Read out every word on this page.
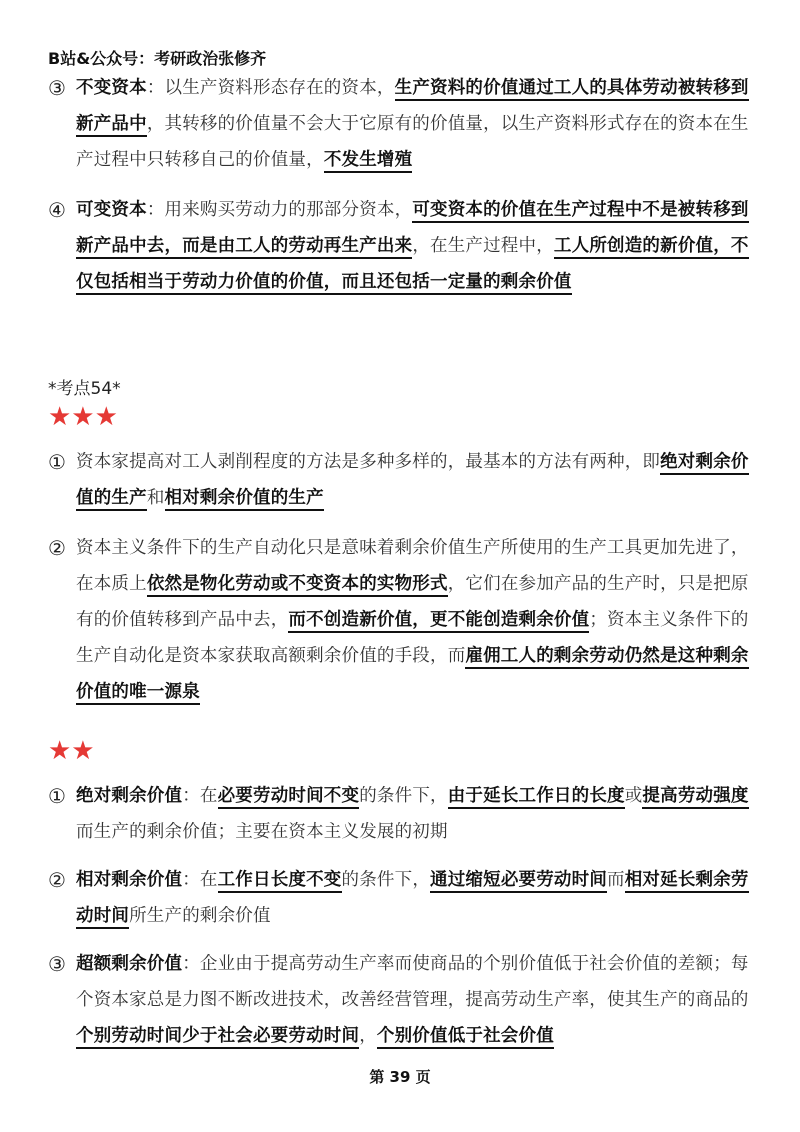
B站&公众号：考研政治张修齐
③ 不变资本：以生产资料形态存在的资本，生产资料的价值通过工人的具体劳动被转移到新产品中，其转移的价值量不会大于它原有的价值量，以生产资料形式存在的资本在生产过程中只转移自己的价值量，不发生增殖
④ 可变资本：用来购买劳动力的那部分资本，可变资本的价值在生产过程中不是被转移到新产品中去，而是由工人的劳动再生产出来，在生产过程中，工人所创造的新价值，不仅包括相当于劳动力价值的价值，而且还包括一定量的剩余价值
*考点54*
★★★
① 资本家提高对工人剥削程度的方法是多种多样的，最基本的方法有两种，即绝对剩余价值的生产和相对剩余价值的生产
② 资本主义条件下的生产自动化只是意味着剩余价值生产所使用的生产工具更加先进了，在本质上依然是物化劳动或不变资本的实物形式，它们在参加产品的生产时，只是把原有的价值转移到产品中去，而不创造新价值，更不能创造剩余价值；资本主义条件下的生产自动化是资本家获取高额剩余价值的手段，而雇佣工人的剩余劳动仍然是这种剩余价值的唯一源泉
★★
① 绝对剩余价值：在必要劳动时间不变的条件下，由于延长工作日的长度或提高劳动强度而生产的剩余价值；主要在资本主义发展的初期
② 相对剩余价值：在工作日长度不变的条件下，通过缩短必要劳动时间而相对延长剩余劳动时间所生产的剩余价值
③ 超额剩余价值：企业由于提高劳动生产率而使商品的个别价值低于社会价值的差额；每个资本家总是力图不断改进技术，改善经营管理，提高劳动生产率，使其生产的商品的个别劳动时间少于社会必要劳动时间，个别价值低于社会价值
第 39 页
